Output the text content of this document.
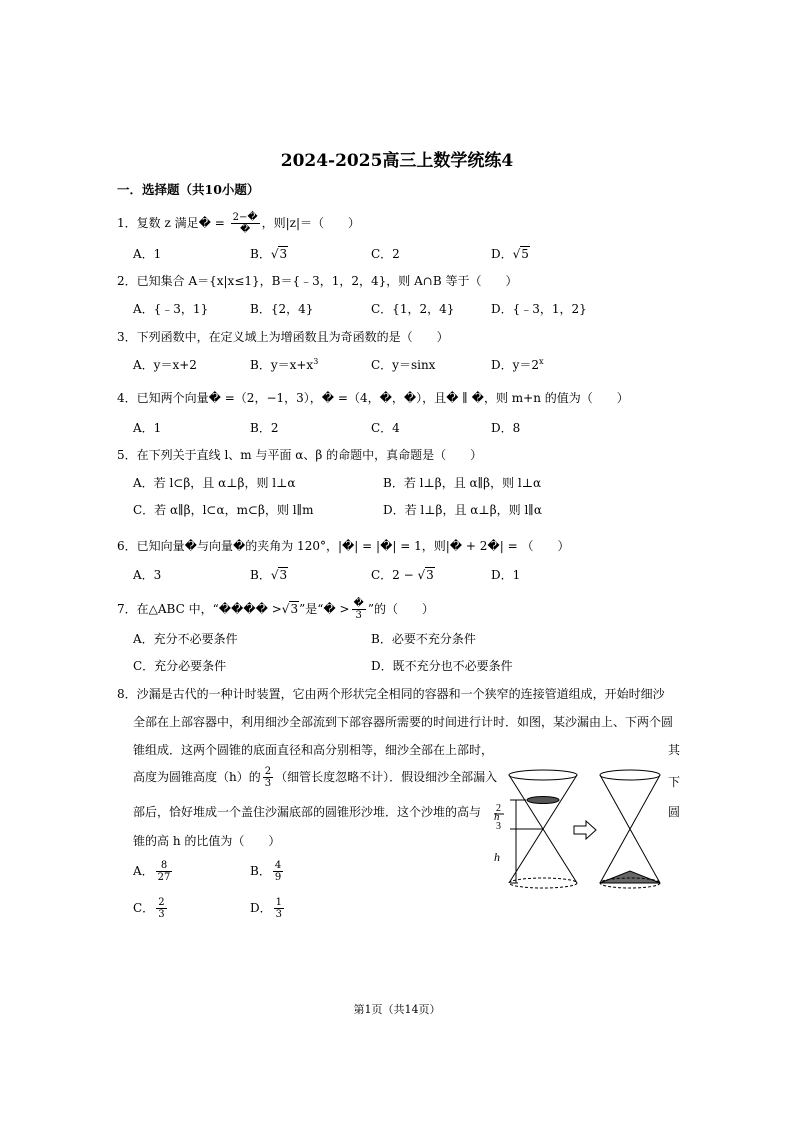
2024-2025高三上数学统练4
一．选择题（共10小题）
1．复数 z 满足� = $\frac{2-�}{�}$ ，则|z|＝（　　）
A．1	B．√3	C．2	D．√5
2．已知集合 A＝{x|x≤1}，B＝{﹣3，1，2，4}，则 A∩B 等于（　　）
A．{﹣3，1}	B．{2，4}	C．{1，2，4}	D．{﹣3，1，2}
3．下列函数中，在定义域上为增函数且为奇函数的是（　　）
A．y＝x+2	B．$y=x+x^3$	C．y＝sinx	D．$y=2^x$
4．已知两个向量� =（2，−1，3），� =（4，�，�），且� ∥ �，则 m+n 的值为（　　）
A．1	B．2	C．4	D．8
5．在下列关于直线 l、m 与平面 α、β 的命题中，真命题是（　　）
A．若 l⊂β，且 α⊥β，则 l⊥α	B．若 l⊥β，且 α∥β，则 l⊥α
C．若 α∥β，l⊂α，m⊂β，则 l∥m	D．若 l⊥β，且 α⊥β，则 l∥α
6．已知向量�与向量�的夹角为 120°，|�| = |�| = 1，则|� + 2�| = （　　）
A．3	B．√3	C．2 − √3	D．1
7．在△ABC 中，“���� >√3”是“� > $\frac{�}{3}$ ”的（　　）
A．充分不必要条件	B．必要不充分条件
C．充分必要条件	D．既不充分也不必要条件
8．沙漏是古代的一种计时装置，它由两个形状完全相同的容器和一个狭窄的连接管道组成，开始时细沙
全部在上部容器中，利用细沙全部流到下部容器所需要的时间进行计时．如图，某沙漏由上、下两个圆
锥组成．这两个圆锥的底面直径和高分别相等，细沙全部在上部时，	其
高度为圆锥高度（h）的 $\frac{2}{3}$ （细管长度忽略不计）．假设细沙全部漏入	下
部后，恰好堆成一个盖住沙漏底部的圆锥形沙堆．这个沙堆的高与	圆
锥的高 h 的比值为（　　）
A． $\frac{8}{27}$	B． $\frac{4}{9}$
C． $\frac{2}{3}$	D． $\frac{1}{3}$
h
h
2
3
第1页（共14页）
